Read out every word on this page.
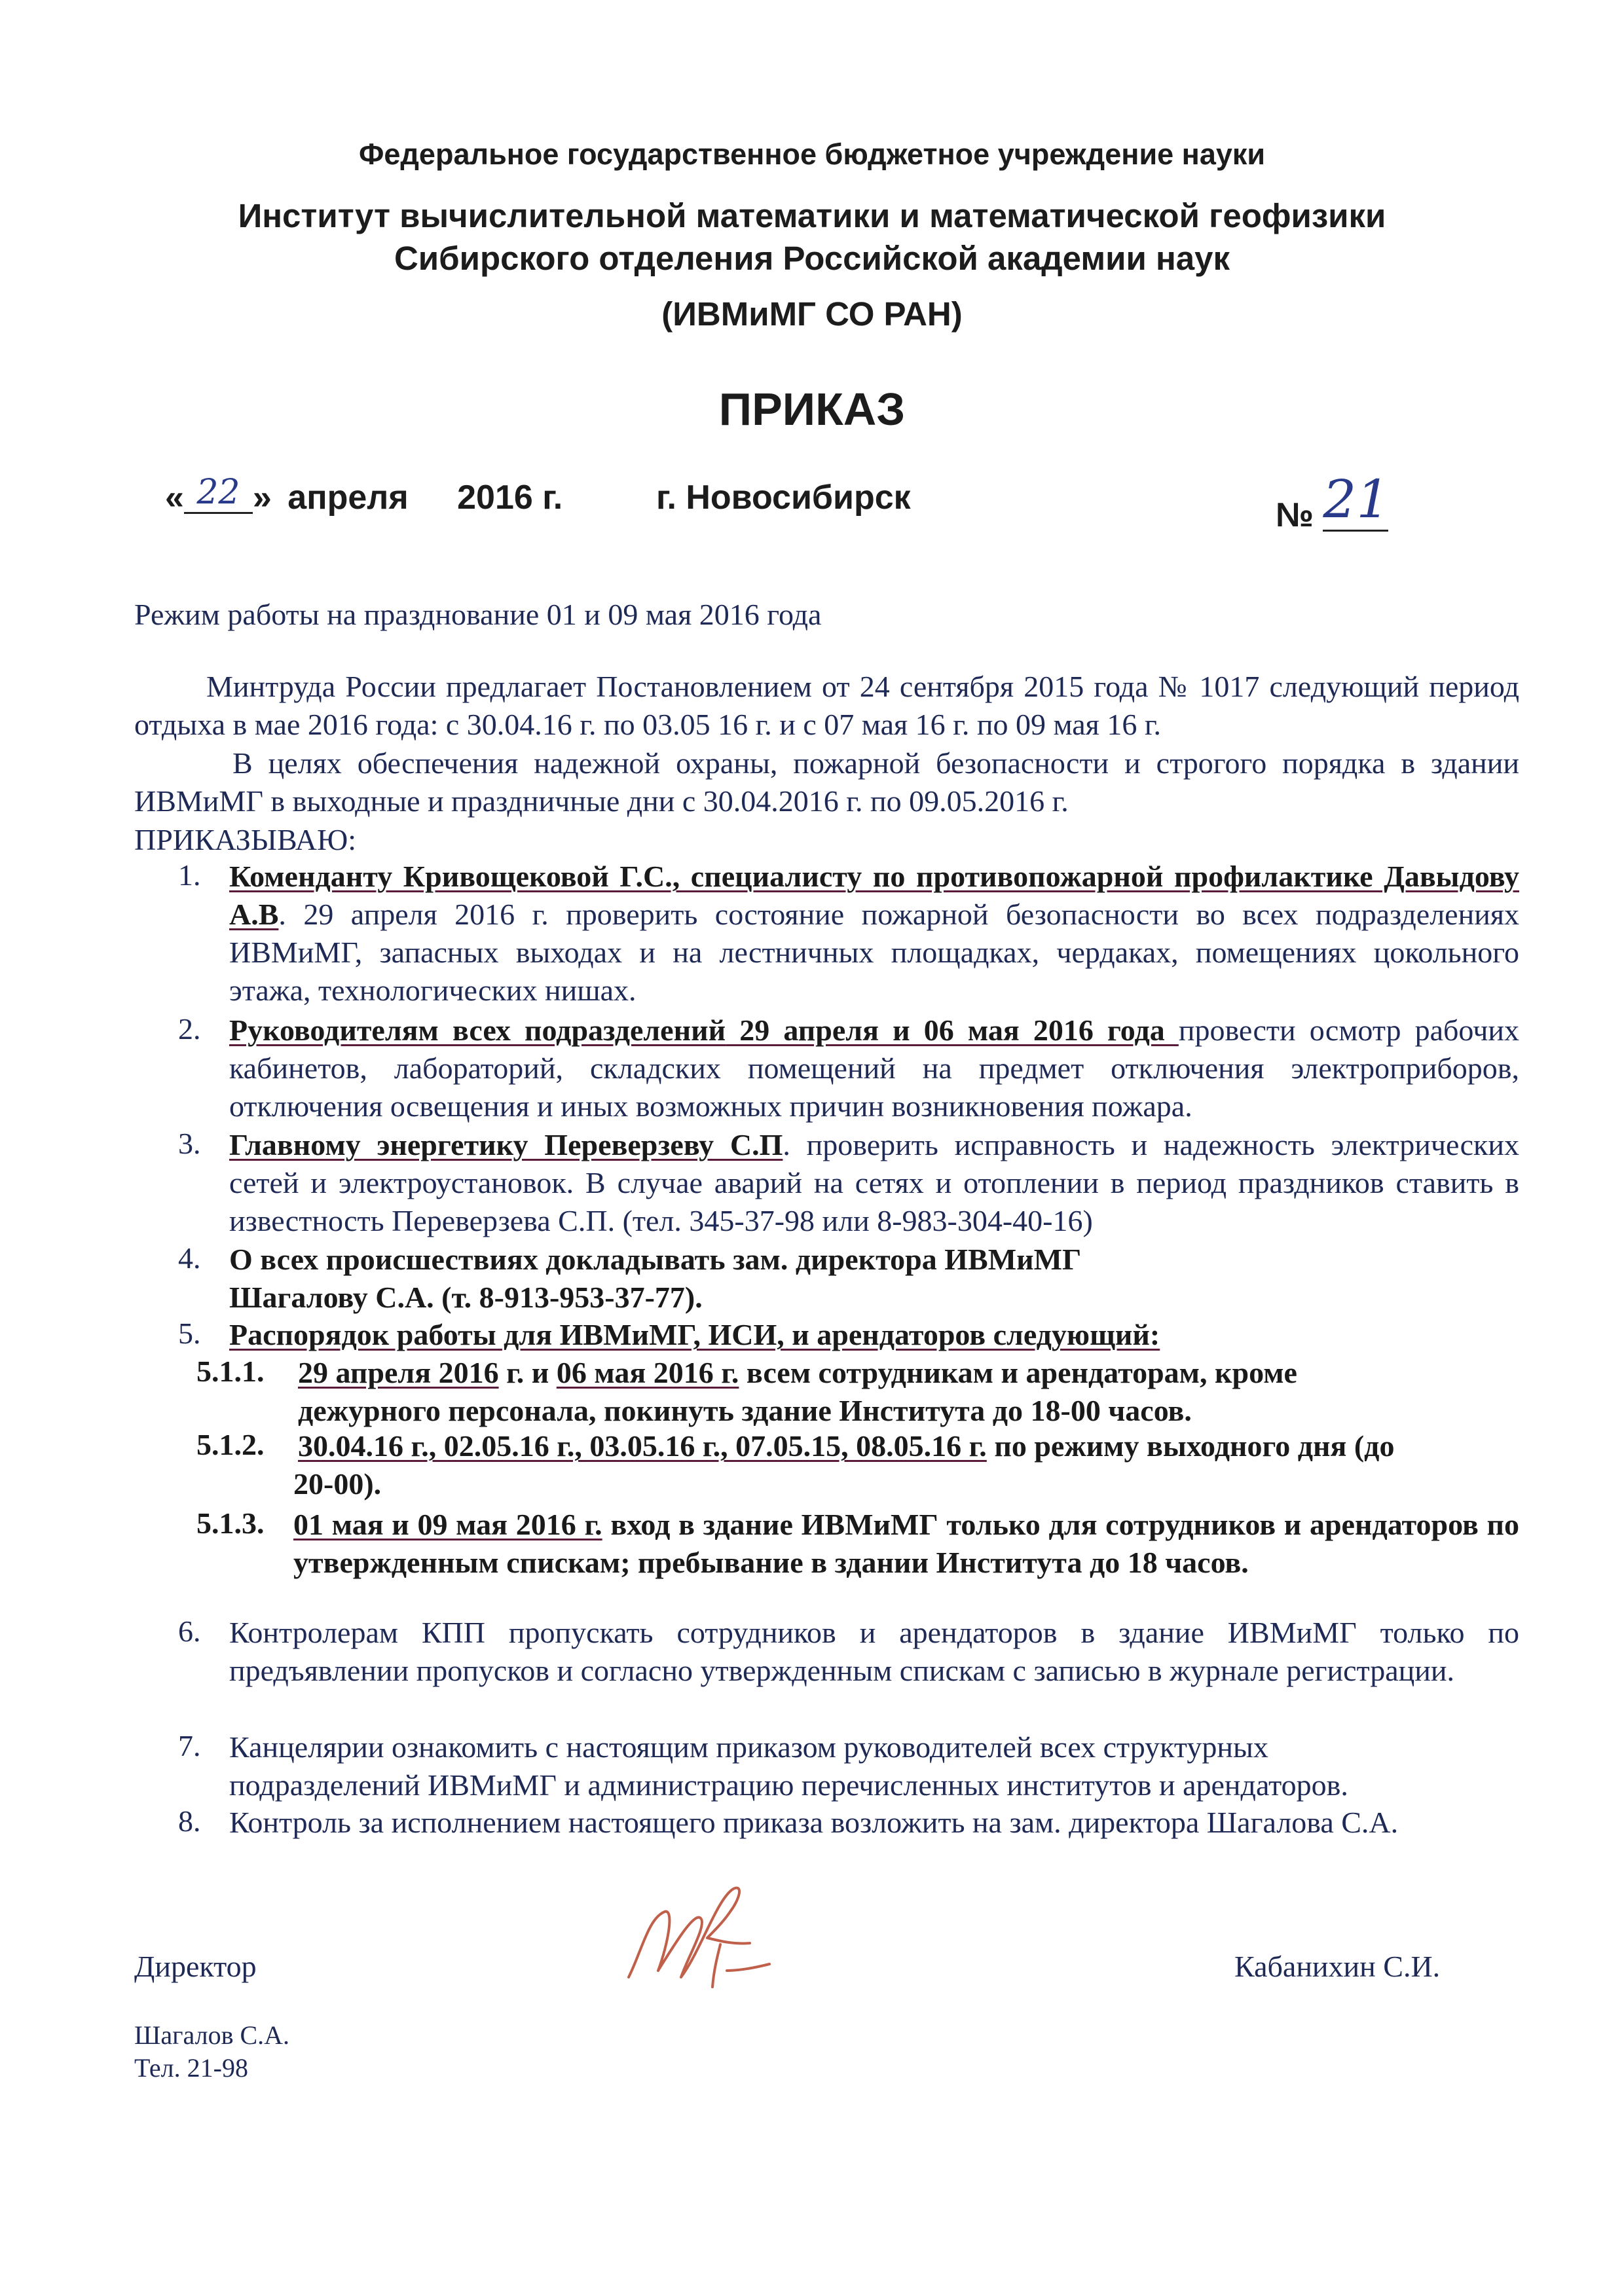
Федеральное государственное бюджетное учреждение науки
Институт вычислительной математики и математической геофизики
Сибирского отделения Российской академии наук
(ИВМиМГ СО РАН)
ПРИКАЗ
« 22 » апреля 2016 г.	г. Новосибирск	№ 21
Режим работы на празднование 01 и 09 мая 2016 года
Минтруда России предлагает Постановлением от 24 сентября 2015 года № 1017 следующий период отдыха в мае 2016 года: с 30.04.16 г. по 03.05 16 г. и с 07 мая 16 г. по 09 мая 16 г.
В целях обеспечения надежной охраны, пожарной безопасности и строгого порядка в здании ИВМиМГ в выходные и праздничные дни с 30.04.2016 г. по 09.05.2016 г.
ПРИКАЗЫВАЮ:
1. Коменданту Кривощековой Г.С., специалисту по противопожарной профилактике Давыдову А.В. 29 апреля 2016 г. проверить состояние пожарной безопасности во всех подразделениях ИВМиМГ, запасных выходах и на лестничных площадках, чердаках, помещениях цокольного этажа, технологических нишах.
2. Руководителям всех подразделений 29 апреля и 06 мая 2016 года провести осмотр рабочих кабинетов, лабораторий, складских помещений на предмет отключения электроприборов, отключения освещения и иных возможных причин возникновения пожара.
3. Главному энергетику Переверзеву С.П. проверить исправность и надежность электрических сетей и электроустановок. В случае аварий на сетях и отоплении в период праздников ставить в известность Переверзева С.П. (тел. 345-37-98 или 8-983-304-40-16)
4. О всех происшествиях докладывать зам. директора ИВМиМГ
Шагалову С.А. (т. 8-913-953-37-77).
5. Распорядок работы для ИВМиМГ, ИСИ, и арендаторов следующий:
5.1.1. 29 апреля 2016 г. и 06 мая 2016 г. всем сотрудникам и арендаторам, кроме
дежурного персонала, покинуть здание Института до 18-00 часов.
5.1.2. 30.04.16 г., 02.05.16 г., 03.05.16 г., 07.05.15, 08.05.16 г. по режиму выходного дня (до
20-00).
5.1.3. 01 мая и 09 мая 2016 г. вход в здание ИВМиМГ только для сотрудников и арендаторов по утвержденным спискам; пребывание в здании Института до 18 часов.
6. Контролерам КПП пропускать сотрудников и арендаторов в здание ИВМиМГ только по предъявлении пропусков и согласно утвержденным спискам с записью в журнале регистрации.
7. Канцелярии ознакомить с настоящим приказом руководителей всех структурных
подразделений ИВМиМГ и администрацию перечисленных институтов и арендаторов.
8. Контроль за исполнением настоящего приказа возложить на зам. директора Шагалова С.А.
Директор	Кабанихин С.И.
Шагалов С.А.
Тел. 21-98
